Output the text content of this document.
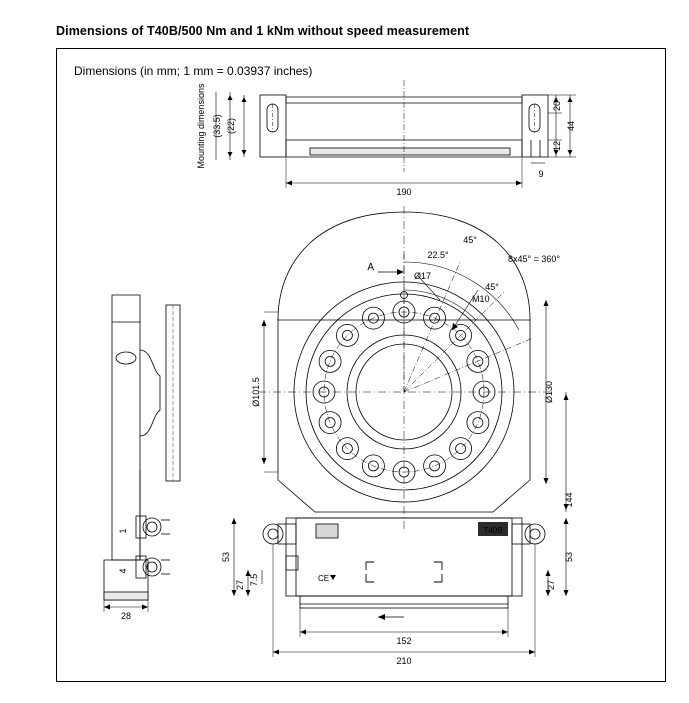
Dimensions of T40B/500 Nm and 1 kNm without speed measurement
Dimensions (in mm; 1 mm = 0.03937 inches)
Mounting dimensions (33.5) (22)	44
20
12
190
9
A
45°
22.5°	8x45° = 360°
Ø17
M10
45°
Ø101.5	Ø130
144
53
27 7.5
53
27
152
210
T40B
CE
28
1
4
